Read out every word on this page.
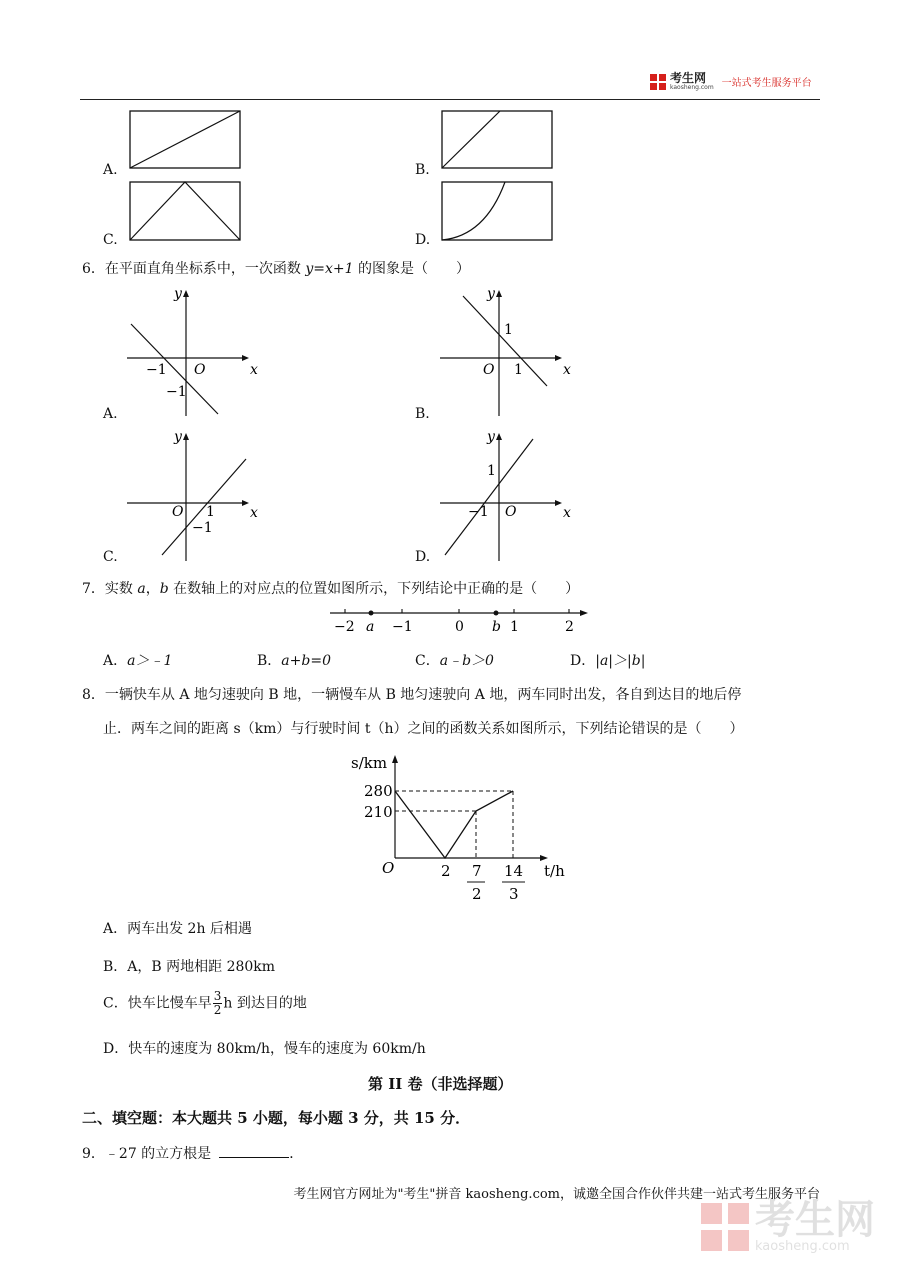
考生网
kaosheng.com 一站式考生服务平台
A.	B.
C.	D.
6．在平面直角坐标系中，一次函数 y=x+1 的图象是（　　）
x
y
O
−1
−1
A.
x
y
O 1
1
B.
x
y
O 1
−1
C.
x
y
O
−1
1
D.
7．实数 a，b 在数轴上的对应点的位置如图所示，下列结论中正确的是（　　）
−2 a −1	0 b 1	2
A．a＞﹣1	B．a+b=0	C．a﹣b＞0	D．|a|＞|b|
8．一辆快车从 A 地匀速驶向 B 地，一辆慢车从 B 地匀速驶向 A 地，两车同时出发，各自到达目的地后停
止．两车之间的距离 s（km）与行驶时间 t（h）之间的函数关系如图所示，下列结论错误的是（　　）
s/km
t/h
O
280
210
2 7
2
14
3
A．两车出发 2h 后相遇
B．A，B 两地相距 280km
C．快车比慢车早 $\frac{3}{2}$ h 到达目的地
D．快车的速度为 80km/h，慢车的速度为 60km/h
第 II 卷（非选择题）
二、填空题：本大题共 5 小题，每小题 3 分，共 15 分．
9．﹣27 的立方根是	．
考生网官方网址为"考生"拼音 kaosheng.com，诚邀全国合作伙伴共建一站式考生服务平台
考生网
kaosheng.com
